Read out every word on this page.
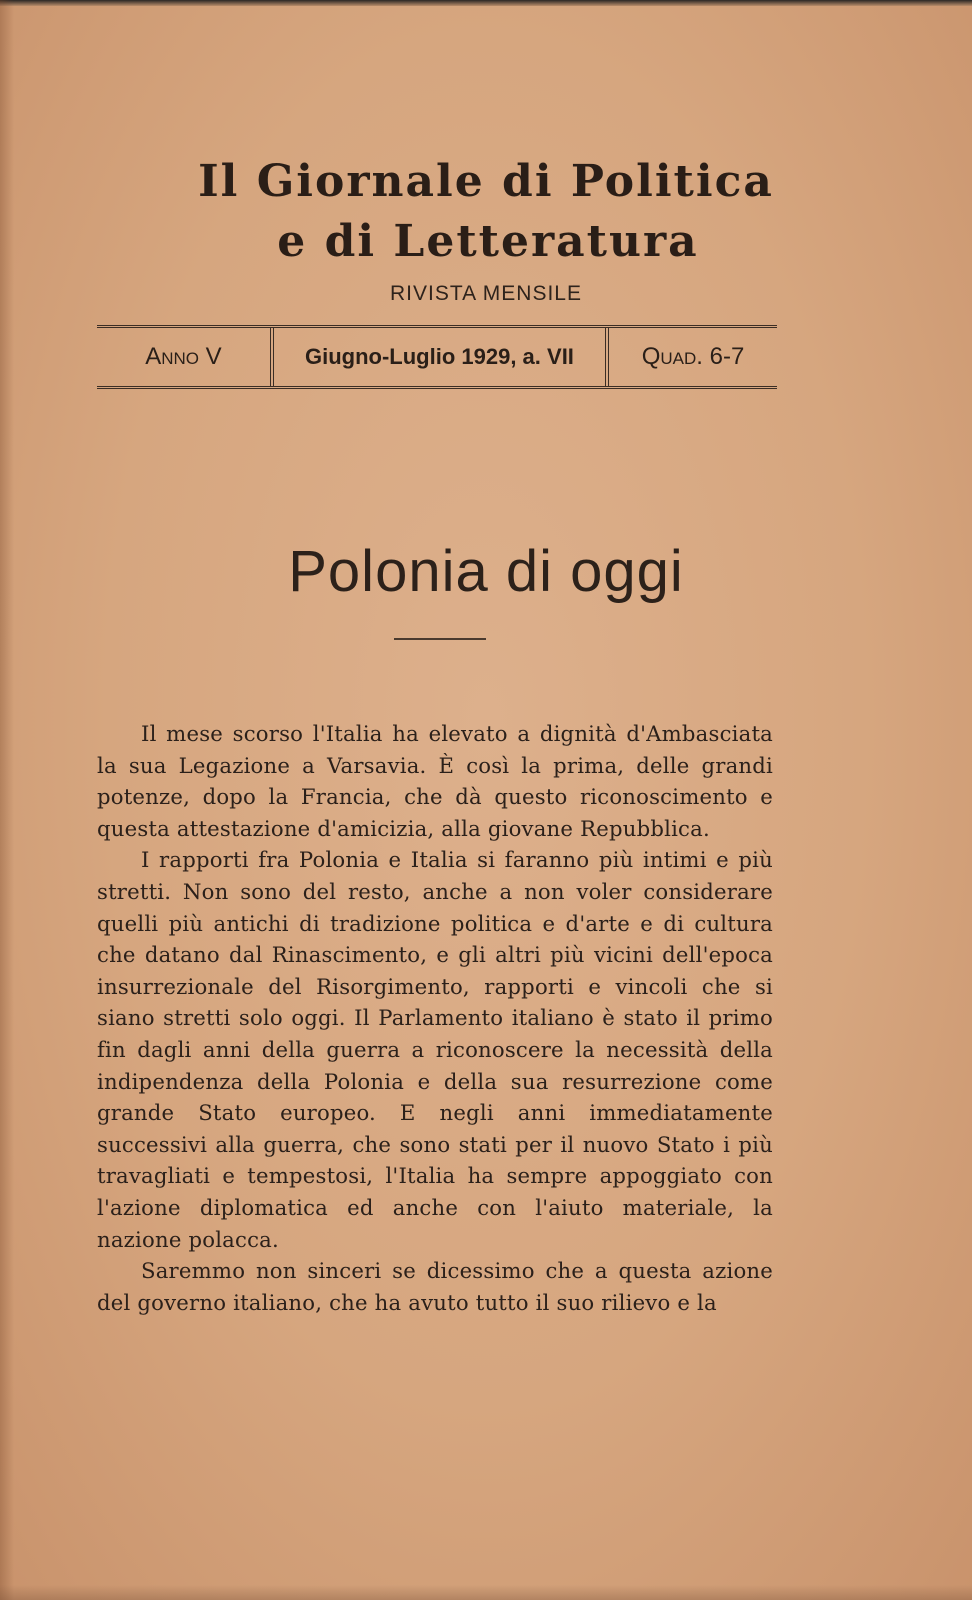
Il Giornale di Politica
e di Letteratura
RIVISTA MENSILE
Anno V	Giugno-Luglio 1929, a. VII	Quad. 6-7
Polonia di oggi

Il mese scorso l'Italia ha elevato a dignità d'Ambasciata la sua Legazione a Varsavia. È così la prima, delle grandi potenze, dopo la Francia, che dà questo riconoscimento e questa attestazione d'amicizia, alla giovane Repubblica.

I rapporti fra Polonia e Italia si faranno più intimi e più stretti. Non sono del resto, anche a non voler considerare quelli più antichi di tradizione politica e d'arte e di cultura che datano dal Rinascimento, e gli altri più vicini dell'epoca insurrezionale del Risorgimento, rapporti e vincoli che si siano stretti solo oggi. Il Parlamento italiano è stato il primo fin dagli anni della guerra a riconoscere la necessità della indipendenza della Polonia e della sua resurrezione come grande Stato europeo. E negli anni immediatamente successivi alla guerra, che sono stati per il nuovo Stato i più travagliati e tempestosi, l'Italia ha sempre appoggiato con l'azione diplomatica ed anche con l'aiuto materiale, la nazione polacca.

Saremmo non sinceri se dicessimo che a questa azione del governo italiano, che ha avuto tutto il suo rilievo e la
